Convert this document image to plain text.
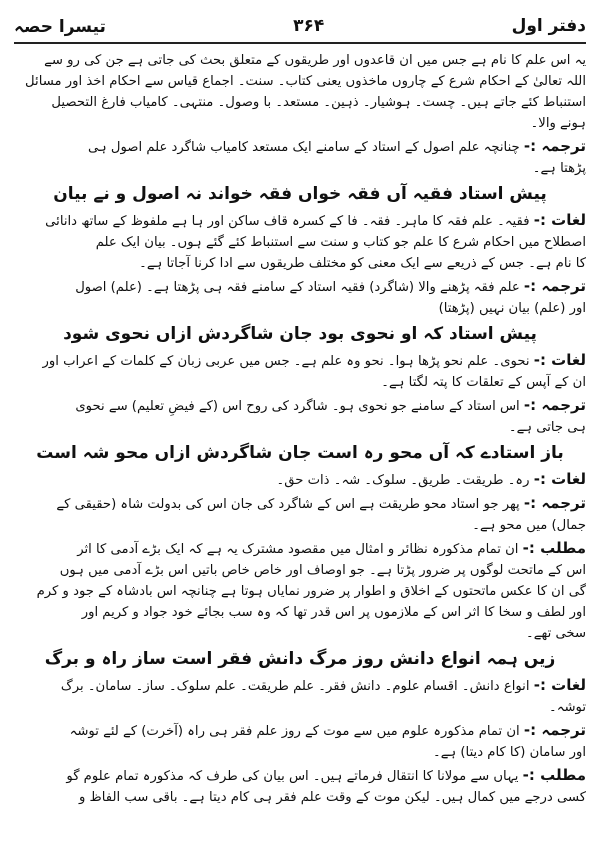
دفتر اول
۳۶۴
تیسرا حصہ
یہ اس علم کا نام ہے جس میں ان قاعدوں اور طریقوں کے متعلق بحث کی جاتی ہے جن کی رو سے
اللہ تعالیٰ کے احکام شرع کے چاروں ماخذوں یعنی کتاب۔ سنت۔ اجماع قیاس سے احکام اخذ اور مسائل
استنباط کئے جاتے ہیں۔ چست۔ ہوشیار۔ ذہین۔ مستعد۔ با وصول۔ منتہی۔ کامیاب فارغ التحصیل
ہونے والا۔
ترجمہ :- چنانچہ علم اصول کے استاد کے سامنے ایک مستعد کامیاب شاگرد علم اصول ہی
پڑھتا ہے۔
پیش استاد فقیہ آں فقہ خواں فقہ خواند نہ اصول و نے بیان
لغات :- فقیہ۔ علم فقہ کا ماہر۔ فقہ۔ فا کے کسرہ قاف ساکن اور ہا ہے ملفوظ کے ساتھ دانائی
اصطلاح میں احکام شرع کا علم جو کتاب و سنت سے استنباط کئے گئے ہوں۔ بیان ایک علم
کا نام ہے۔ جس کے ذریعے سے ایک معنی کو مختلف طریقوں سے ادا کرنا آجاتا ہے۔
ترجمہ :- علم فقہ پڑھنے والا (شاگرد) فقیہ استاد کے سامنے فقہ ہی پڑھتا ہے۔ (علم) اصول
اور (علم) بیان نہیں (پڑھتا)
پیش استاد کہ او نحوی بود جان شاگردش ازاں نحوی شود
لغات :- نحوی۔ علم نحو پڑھا ہوا۔ نحو وہ علم ہے۔ جس میں عربی زبان کے کلمات کے اعراب اور
ان کے آپس کے تعلقات کا پتہ لگتا ہے۔
ترجمہ :- اس استاد کے سامنے جو نحوی ہو۔ شاگرد کی روح اس (کے فیضِ تعلیم) سے نحوی
ہی جاتی ہے۔
باز استادے کہ آں محو رہ است جان شاگردش ازاں محو شہ است
لغات :- رہ۔ طریقت۔ طریق۔ سلوک۔ شہ۔ ذات حق۔
ترجمہ :- پھر جو استاد محو طریقت ہے اس کے شاگرد کی جان اس کی بدولت شاہ (حقیقی کے
جمال) میں محو ہے۔
مطلب :- ان تمام مذکورہ نظائر و امثال میں مقصود مشترک یہ ہے کہ ایک بڑے آدمی کا اثر
اس کے ماتحت لوگوں پر ضرور پڑتا ہے۔ جو اوصاف اور خاص خاص باتیں اس بڑے آدمی میں ہوں
گی ان کا عکس ماتحتوں کے اخلاق و اطوار پر ضرور نمایاں ہوتا ہے چنانچہ اس بادشاہ کے جود و کرم
اور لطف و سخا کا اثر اس کے ملازموں پر اس قدر تھا کہ وہ سب بجائے خود جواد و کریم اور
سخی تھے۔
زیں ہمہ انواع دانش روز مرگ دانش فقر است ساز راہ و برگ
لغات :- انواع دانش۔ اقسام علوم۔ دانش فقر۔ علم طریقت۔ علم سلوک۔ ساز۔ سامان۔ برگ
توشہ۔
ترجمہ :- ان تمام مذکورہ علوم میں سے موت کے روز علم فقر ہی راہ (آخرت) کے لئے توشہ
اور سامان (کا کام دیتا) ہے۔
مطلب :- یہاں سے مولانا کا انتقال فرماتے ہیں۔ اس بیان کی طرف کہ مذکورہ تمام علوم گو
کسی درجے میں کمال ہیں۔ لیکن موت کے وقت علم فقر ہی کام دیتا ہے۔ باقی سب الفاظ و
